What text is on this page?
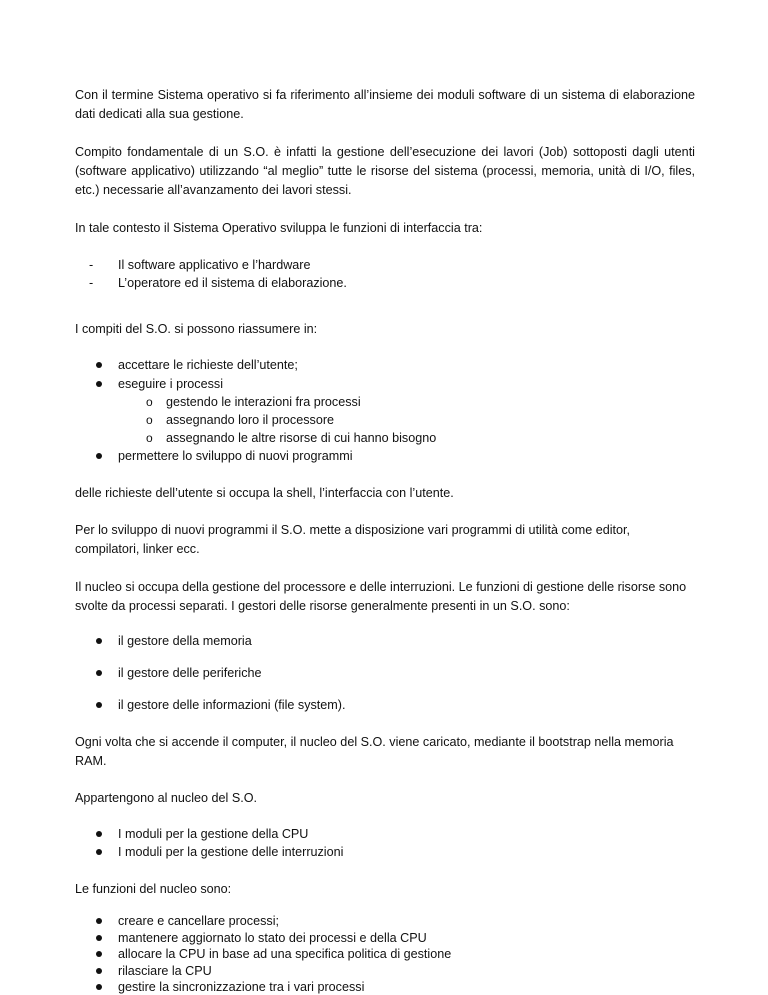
Con il termine Sistema operativo si fa riferimento all’insieme dei moduli software di un sistema di elaborazione dati dedicati alla sua gestione.

Compito fondamentale di un S.O. è infatti la gestione dell’esecuzione dei lavori (Job) sottoposti dagli utenti (software applicativo) utilizzando “al meglio” tutte le risorse del sistema (processi, memoria, unità di I/O, files, etc.) necessarie all’avanzamento dei lavori stessi.

In tale contesto il Sistema Operativo sviluppa le funzioni di interfaccia tra:

- Il software applicativo e l’hardware
- L’operatore ed il sistema di elaborazione.
I compiti del S.O. si possono riassumere in:
accettare le richieste dell’utente;
eseguire i processi
o gestendo le interazioni fra processi
o assegnando loro il processore
o assegnando le altre risorse di cui hanno bisogno
permettere lo sviluppo di nuovi programmi
delle richieste dell’utente si occupa la shell, l’interfaccia con l’utente.

Per lo sviluppo di nuovi programmi il S.O. mette a disposizione vari programmi di utilità come editor, compilatori, linker ecc.

Il nucleo si occupa della gestione del processore e delle interruzioni. Le funzioni di gestione delle risorse sono svolte da processi separati. I gestori delle risorse generalmente presenti in un S.O. sono:

il gestore della memoria
il gestore delle periferiche
il gestore delle informazioni (file system).

Ogni volta che si accende il computer, il nucleo del S.O. viene caricato, mediante il bootstrap nella memoria RAM.

Appartengono al nucleo del S.O.
I moduli per la gestione della CPU
I moduli per la gestione delle interruzioni
Le funzioni del nucleo sono:
creare e cancellare processi;
mantenere aggiornato lo stato dei processi e della CPU
allocare la CPU in base ad una specifica politica di gestione
rilasciare la CPU
gestire la sincronizzazione tra i vari processi
